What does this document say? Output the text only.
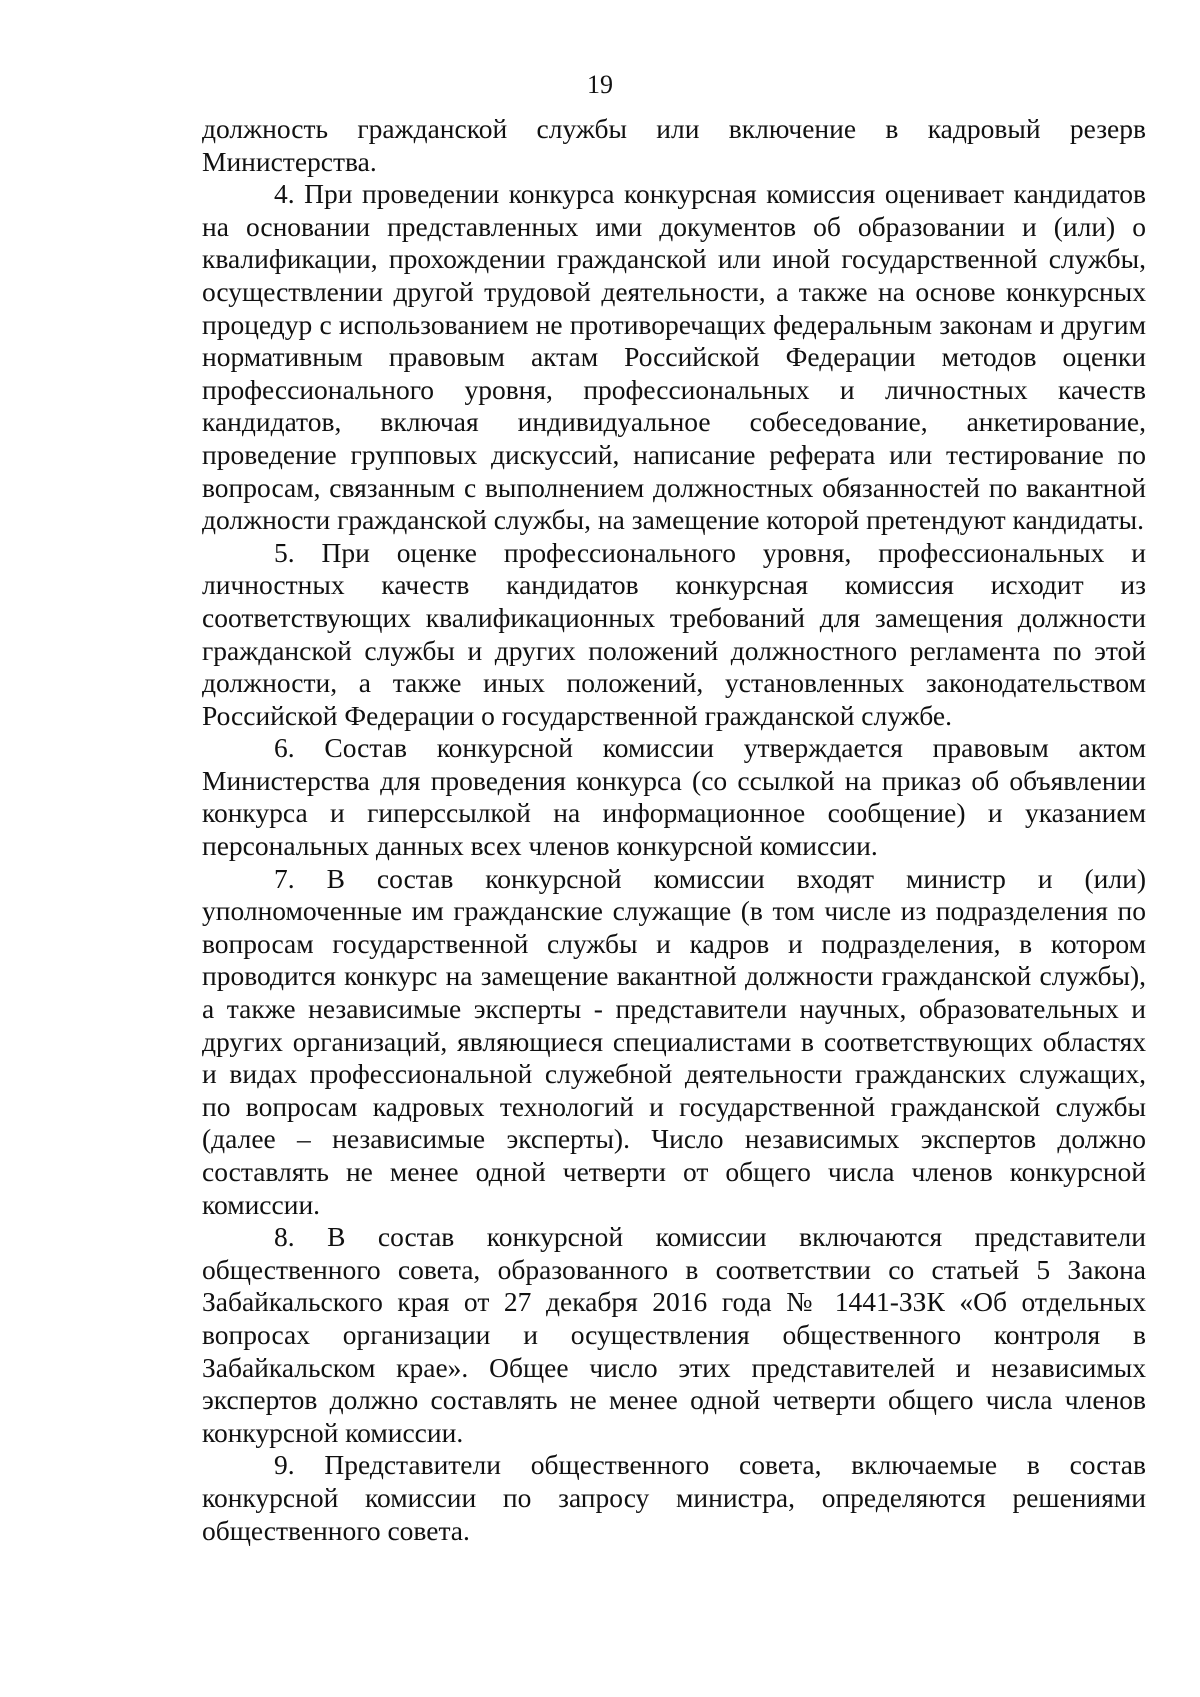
19

должность гражданской службы или включение в кадровый резерв Министерства.

4. При проведении конкурса конкурсная комиссия оценивает кандидатов на основании представленных ими документов об образовании и (или) о квалификации, прохождении гражданской или иной государственной службы, осуществлении другой трудовой деятельности, а также на основе конкурсных процедур с использованием не противоречащих федеральным законам и другим нормативным правовым актам Российской Федерации методов оценки профессионального уровня, профессиональных и личностных качеств кандидатов, включая индивидуальное собеседование, анкетирование, проведение групповых дискуссий, написание реферата или тестирование по вопросам, связанным с выполнением должностных обязанностей по вакантной должности гражданской службы, на замещение которой претендуют кандидаты.

5. При оценке профессионального уровня, профессиональных и личностных качеств кандидатов конкурсная комиссия исходит из соответствующих квалификационных требований для замещения должности гражданской службы и других положений должностного регламента по этой должности, а также иных положений, установленных законодательством Российской Федерации о государственной гражданской службе.

6. Состав конкурсной комиссии утверждается правовым актом Министерства для проведения конкурса (со ссылкой на приказ об объявлении конкурса и гиперссылкой на информационное сообщение) и указанием персональных данных всех членов конкурсной комиссии.

7. В состав конкурсной комиссии входят министр и (или) уполномоченные им гражданские служащие (в том числе из подразделения по вопросам государственной службы и кадров и подразделения, в котором проводится конкурс на замещение вакантной должности гражданской службы), а также независимые эксперты - представители научных, образовательных и других организаций, являющиеся специалистами в соответствующих областях и видах профессиональной служебной деятельности гражданских служащих, по вопросам кадровых технологий и государственной гражданской службы (далее – независимые эксперты). Число независимых экспертов должно составлять не менее одной четверти от общего числа членов конкурсной комиссии.

8. В состав конкурсной комиссии включаются представители общественного совета, образованного в соответствии со статьей 5 Закона Забайкальского края от 27 декабря 2016 года № 1441-ЗЗК «Об отдельных вопросах организации и осуществления общественного контроля в Забайкальском крае». Общее число этих представителей и независимых экспертов должно составлять не менее одной четверти общего числа членов конкурсной комиссии.

9. Представители общественного совета, включаемые в состав конкурсной комиссии по запросу министра, определяются решениями общественного совета.
